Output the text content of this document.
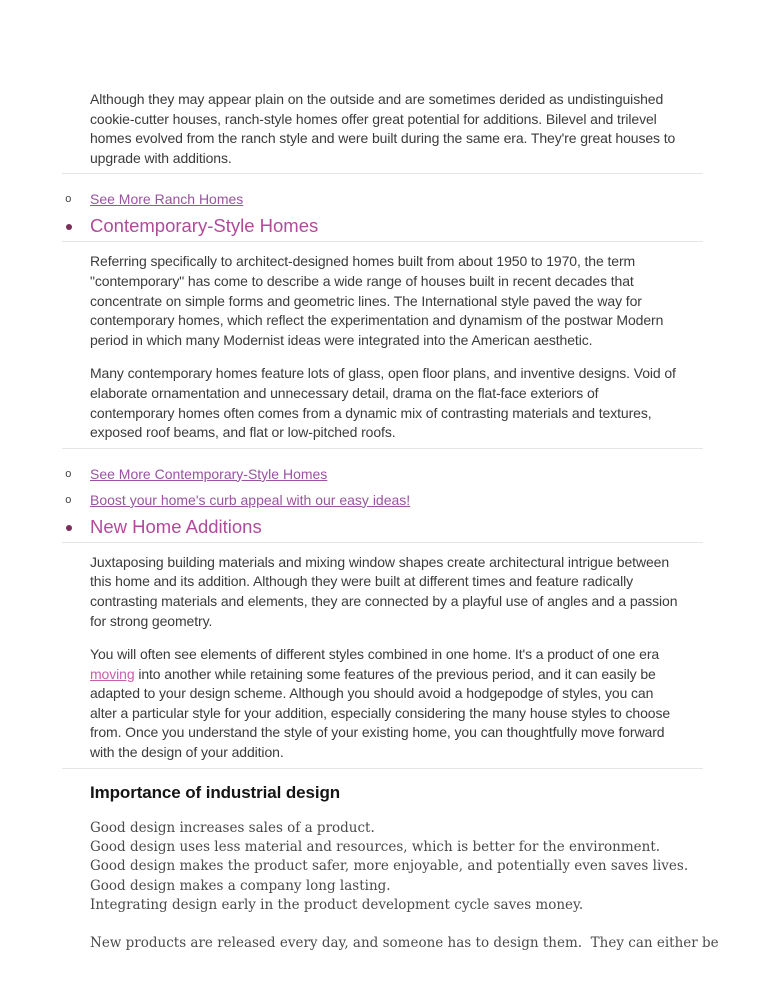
Although they may appear plain on the outside and are sometimes derided as undistinguished cookie-cutter houses, ranch-style homes offer great potential for additions. Bilevel and trilevel homes evolved from the ranch style and were built during the same era. They're great houses to upgrade with additions.

o See More Ranch Homes
Contemporary-Style Homes

Referring specifically to architect-designed homes built from about 1950 to 1970, the term "contemporary" has come to describe a wide range of houses built in recent decades that concentrate on simple forms and geometric lines. The International style paved the way for contemporary homes, which reflect the experimentation and dynamism of the postwar Modern period in which many Modernist ideas were integrated into the American aesthetic.

Many contemporary homes feature lots of glass, open floor plans, and inventive designs. Void of elaborate ornamentation and unnecessary detail, drama on the flat-face exteriors of contemporary homes often comes from a dynamic mix of contrasting materials and textures, exposed roof beams, and flat or low-pitched roofs.

o See More Contemporary-Style Homes
o Boost your home's curb appeal with our easy ideas!
New Home Additions

Juxtaposing building materials and mixing window shapes create architectural intrigue between this home and its addition. Although they were built at different times and feature radically contrasting materials and elements, they are connected by a playful use of angles and a passion for strong geometry.

You will often see elements of different styles combined in one home. It's a product of one era moving into another while retaining some features of the previous period, and it can easily be adapted to your design scheme. Although you should avoid a hodgepodge of styles, you can alter a particular style for your addition, especially considering the many house styles to choose from. Once you understand the style of your existing home, you can thoughtfully move forward with the design of your addition.

Importance of industrial design

Good design increases sales of a product.

Good design uses less material and resources, which is better for the environment.

Good design makes the product safer, more enjoyable, and potentially even saves lives.

Good design makes a company long lasting.

Integrating design early in the product development cycle saves money.

New products are released every day, and someone has to design them.  They can either be
